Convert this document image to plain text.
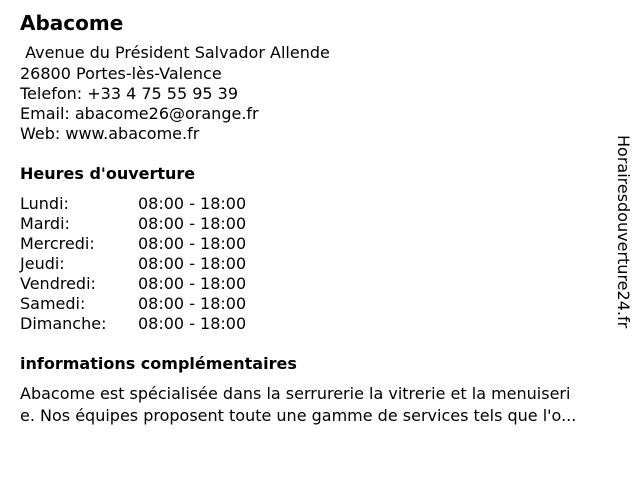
Abacome
Avenue du Président Salvador Allende
26800 Portes-lès-Valence
Telefon: +33 4 75 55 95 39
Email: abacome26@orange.fr
Web: www.abacome.fr
Heures d'ouverture
Lundi:	08:00 - 18:00
Mardi:	08:00 - 18:00
Mercredi:	08:00 - 18:00
Jeudi:	08:00 - 18:00
Vendredi:	08:00 - 18:00
Samedi:	08:00 - 18:00
Dimanche: 08:00 - 18:00
informations complémentaires
Abacome est spécialisée dans la serrurerie la vitrerie et la menuiseri
e. Nos équipes proposent toute une gamme de services tels que l'o...
Horairesdouverture24.fr
